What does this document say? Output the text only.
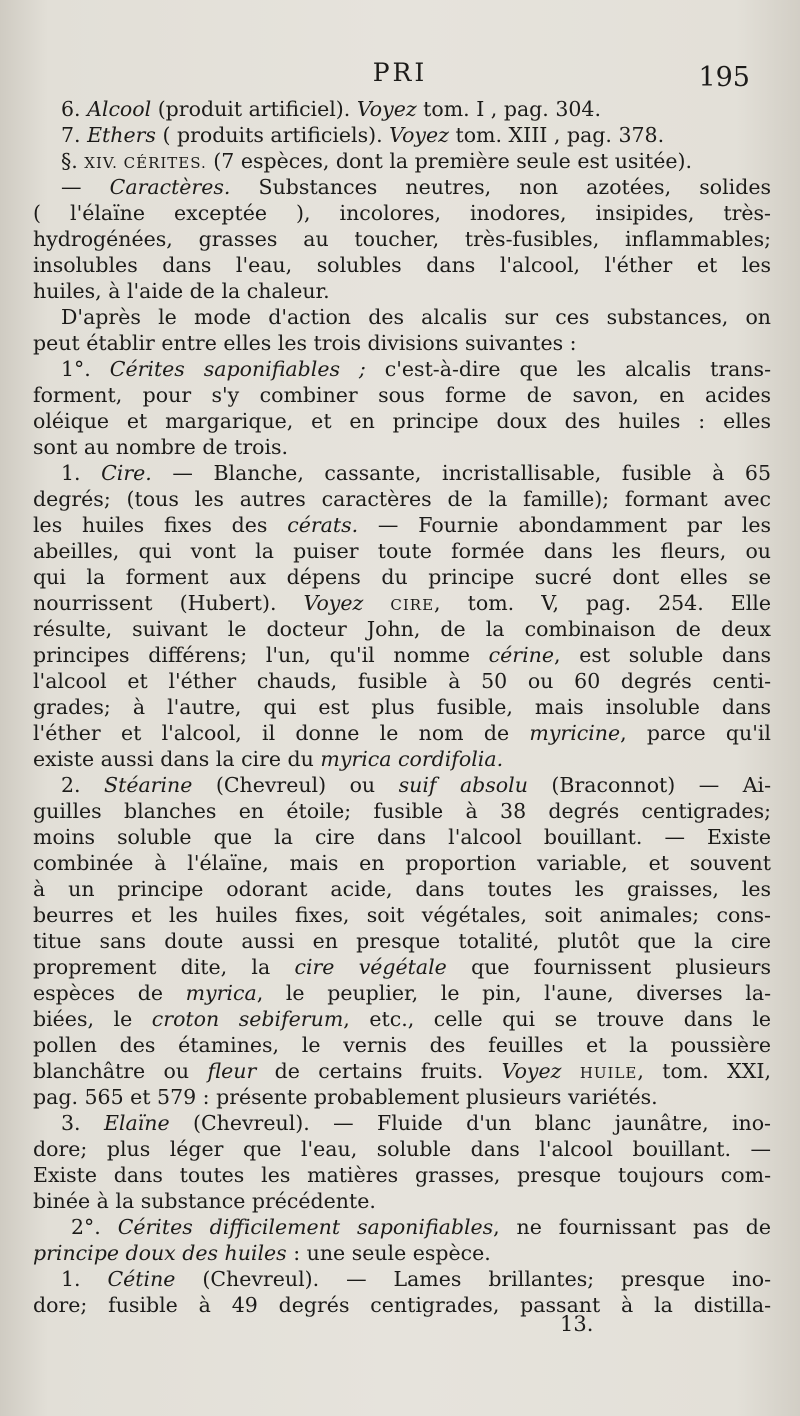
PRI	195
6. Alcool (produit artificiel). Voyez tom. I , pag. 304.
7. Ethers ( produits artificiels). Voyez tom. XIII , pag. 378.
§. XIV. CÉRITES. (7 espèces, dont la première seule est usitée).
— Caractères. Substances neutres, non azotées, solides
( l'élaïne exceptée ), incolores, inodores, insipides, très-
hydrogénées, grasses au toucher, très-fusibles, inflammables;
insolubles dans l'eau, solubles dans l'alcool, l'éther et les
huiles, à l'aide de la chaleur.
D'après le mode d'action des alcalis sur ces substances, on
peut établir entre elles les trois divisions suivantes :
1°. Cérites saponifiables ; c'est-à-dire que les alcalis trans-
forment, pour s'y combiner sous forme de savon, en acides
oléique et margarique, et en principe doux des huiles : elles
sont au nombre de trois.
1. Cire. — Blanche, cassante, incristallisable, fusible à 65
degrés; (tous les autres caractères de la famille); formant avec
les huiles fixes des cérats. — Fournie abondamment par les
abeilles, qui vont la puiser toute formée dans les fleurs, ou
qui la forment aux dépens du principe sucré dont elles se
nourrissent (Hubert). Voyez CIRE, tom. V, pag. 254. Elle
résulte, suivant le docteur John, de la combinaison de deux
principes différens; l'un, qu'il nomme cérine, est soluble dans
l'alcool et l'éther chauds, fusible à 50 ou 60 degrés centi-
grades; à l'autre, qui est plus fusible, mais insoluble dans
l'éther et l'alcool, il donne le nom de myricine, parce qu'il
existe aussi dans la cire du myrica cordifolia.
2. Stéarine (Chevreul) ou suif absolu (Braconnot) — Ai-
guilles blanches en étoile; fusible à 38 degrés centigrades;
moins soluble que la cire dans l'alcool bouillant. — Existe
combinée à l'élaïne, mais en proportion variable, et souvent
à un principe odorant acide, dans toutes les graisses, les
beurres et les huiles fixes, soit végétales, soit animales; cons-
titue sans doute aussi en presque totalité, plutôt que la cire
proprement dite, la cire végétale que fournissent plusieurs
espèces de myrica, le peuplier, le pin, l'aune, diverses la-
biées, le croton sebiferum, etc., celle qui se trouve dans le
pollen des étamines, le vernis des feuilles et la poussière
blanchâtre ou fleur de certains fruits. Voyez HUILE, tom. XXI,
pag. 565 et 579 : présente probablement plusieurs variétés.
3. Elaïne (Chevreul). — Fluide d'un blanc jaunâtre, ino-
dore; plus léger que l'eau, soluble dans l'alcool bouillant. —
Existe dans toutes les matières grasses, presque toujours com-
binée à la substance précédente.
2°. Cérites difficilement saponifiables, ne fournissant pas de
principe doux des huiles : une seule espèce.
1. Cétine (Chevreul). — Lames brillantes; presque ino-
dore; fusible à 49 degrés centigrades, passant à la distilla-
13.
